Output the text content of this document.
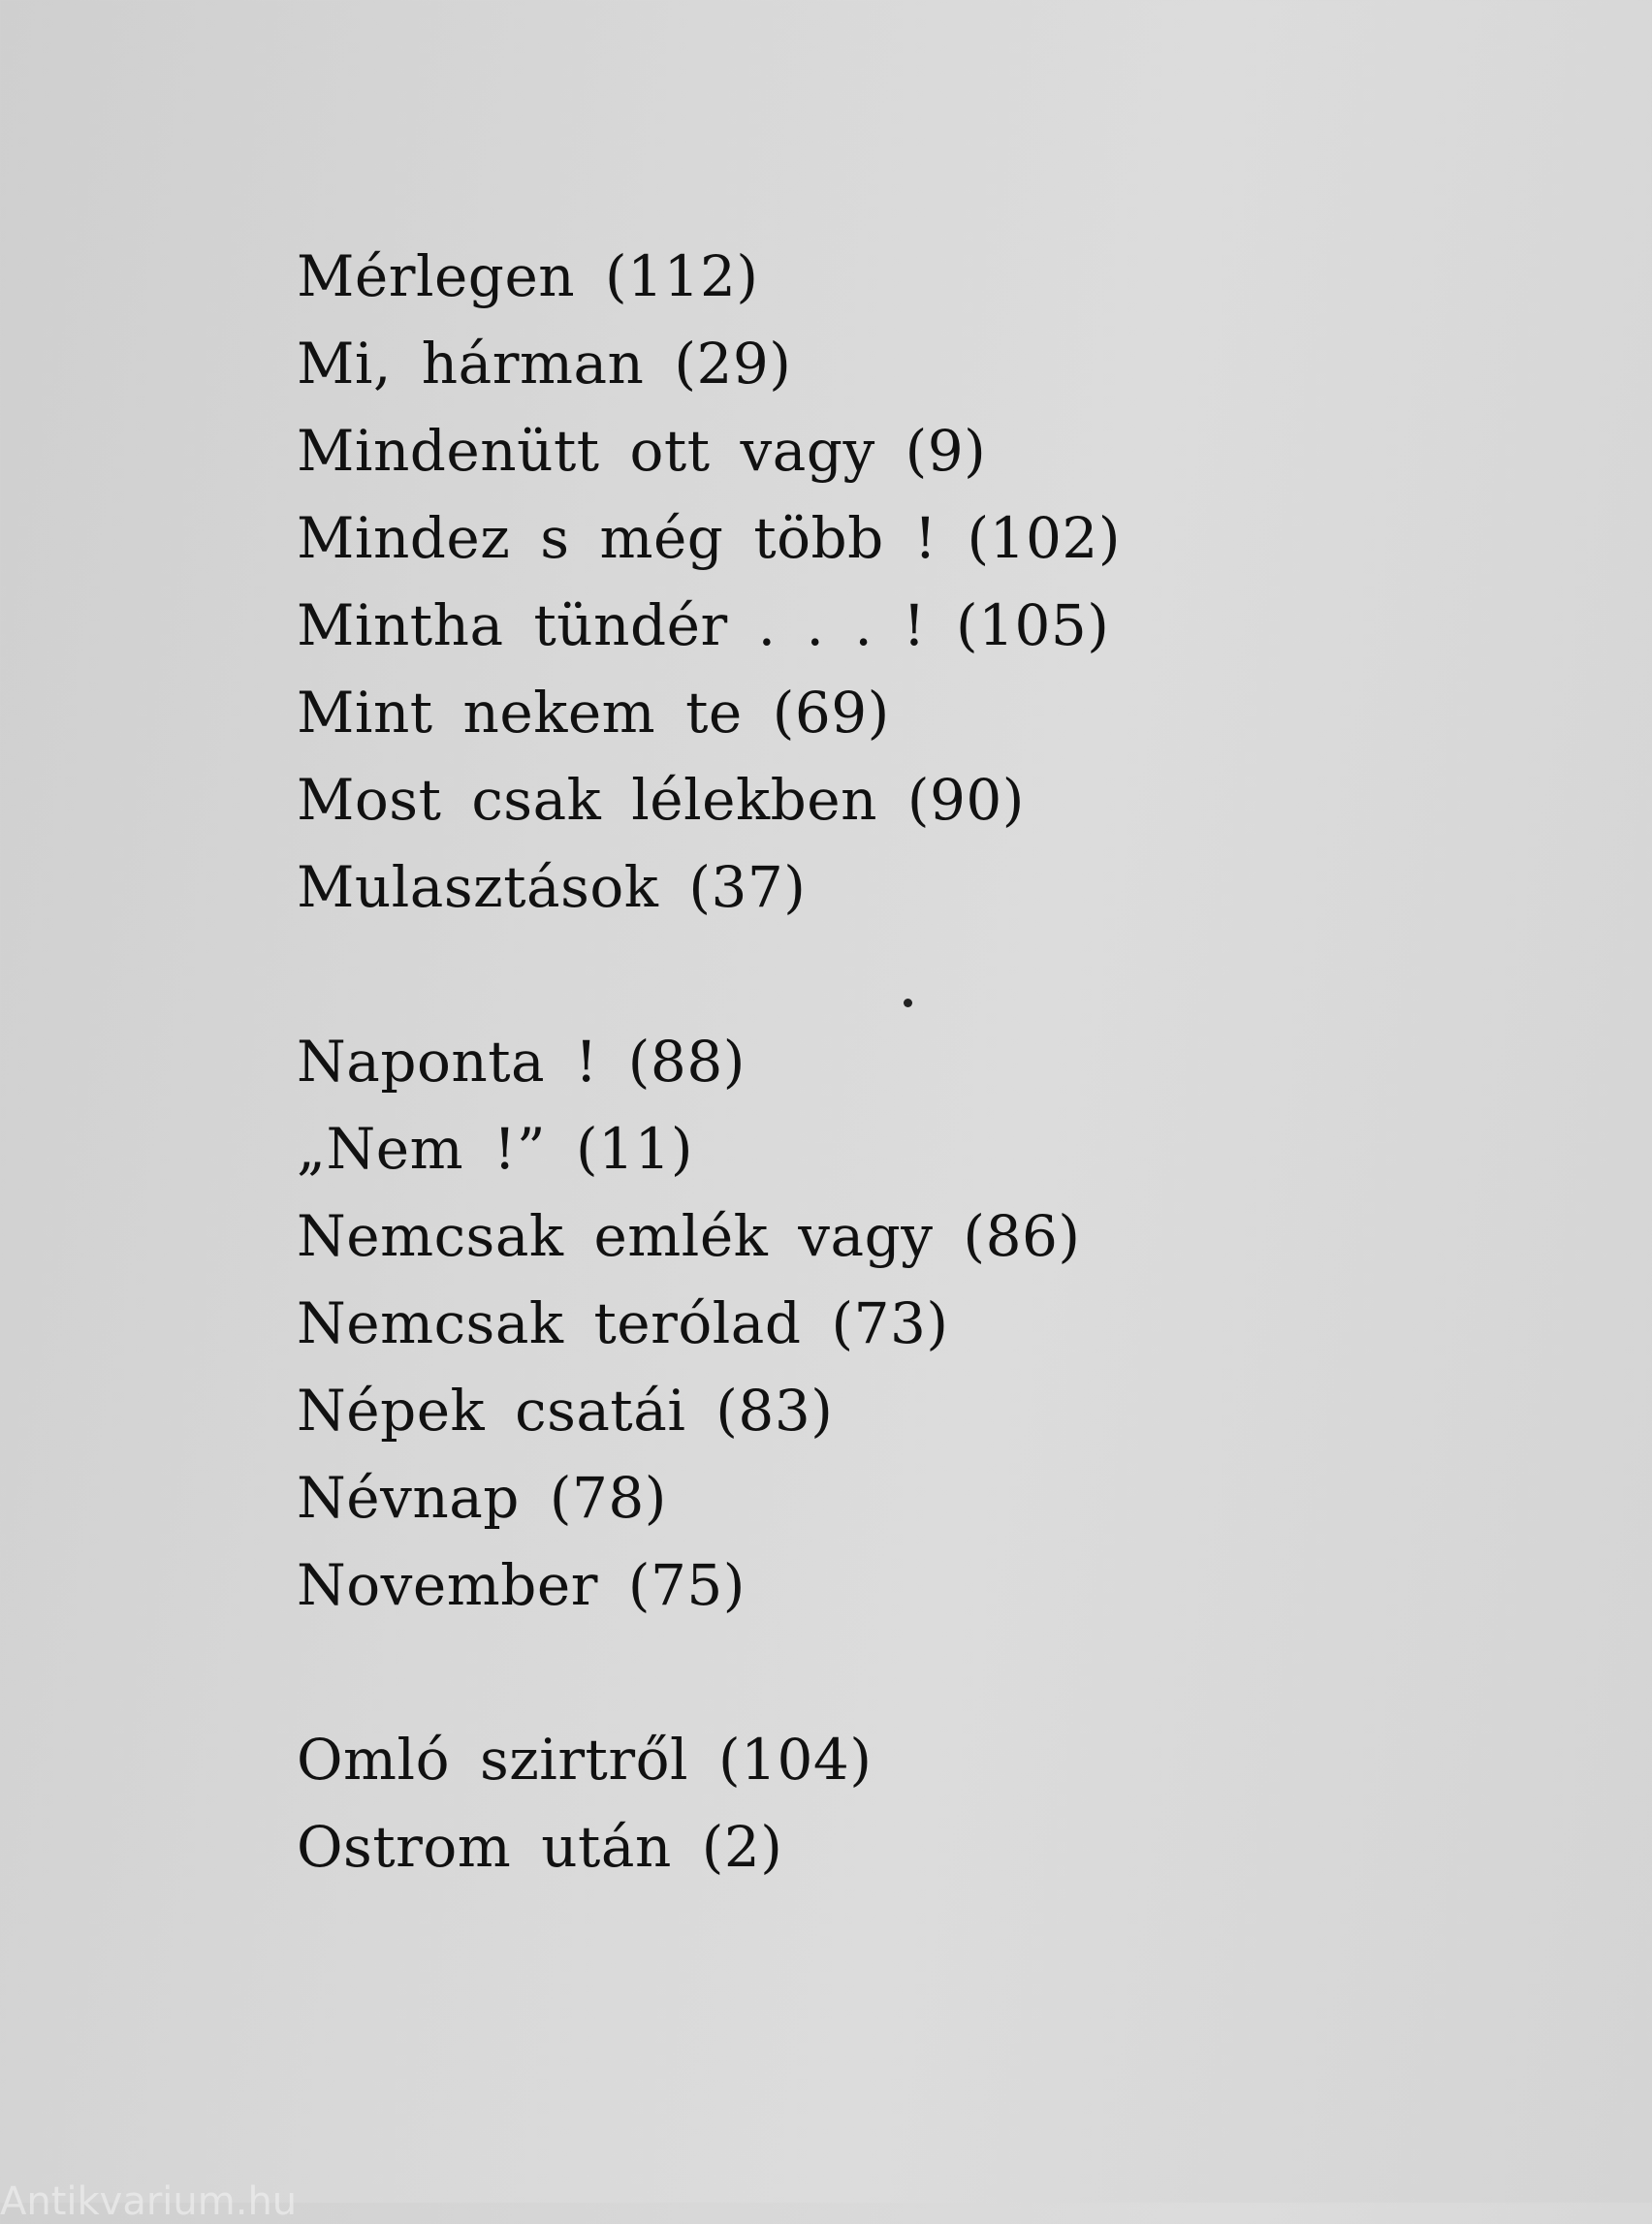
Mérlegen (112)
Mi, hárman (29)
Mindenütt ott vagy (9)
Mindez s még több ! (102)
Mintha tündér . . . ! (105)
Mint nekem te (69)
Most csak lélekben (90)
Mulasztások (37)
Naponta ! (88)
„Nem !” (11)
Nemcsak emlék vagy (86)
Nemcsak terólad (73)
Népek csatái (83)
Névnap (78)
November (75)
Omló szirtről (104)
Ostrom után (2)
Antikvarium.hu
